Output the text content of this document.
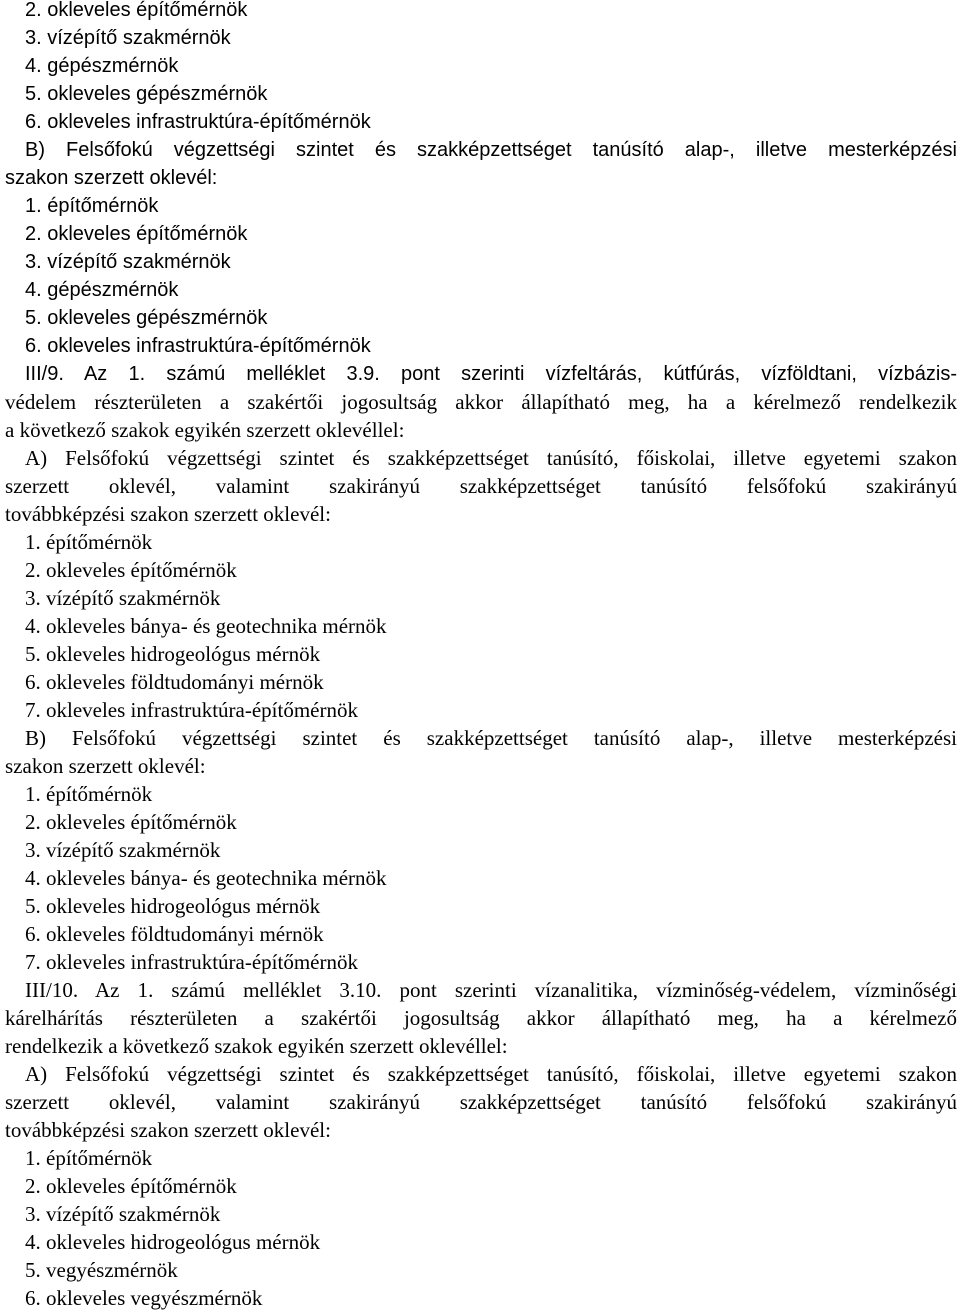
2. okleveles építőmérnök
3. vízépítő szakmérnök
4. gépészmérnök
5. okleveles gépészmérnök
6. okleveles infrastruktúra-építőmérnök
B) Felsőfokú végzettségi szintet és szakképzettséget tanúsító alap-, illetve mesterképzési
szakon szerzett oklevél:
1. építőmérnök
2. okleveles építőmérnök
3. vízépítő szakmérnök
4. gépészmérnök
5. okleveles gépészmérnök
6. okleveles infrastruktúra-építőmérnök
III/9. Az 1. számú melléklet 3.9. pont szerinti vízfeltárás, kútfúrás, vízföldtani, vízbázis-
védelem részterületen a szakértői jogosultság akkor állapítható meg, ha a kérelmező rendelkezik
a következő szakok egyikén szerzett oklevéllel:
A) Felsőfokú végzettségi szintet és szakképzettséget tanúsító, főiskolai, illetve egyetemi szakon
szerzett oklevél, valamint szakirányú szakképzettséget tanúsító felsőfokú szakirányú
továbbképzési szakon szerzett oklevél:
1. építőmérnök
2. okleveles építőmérnök
3. vízépítő szakmérnök
4. okleveles bánya- és geotechnika mérnök
5. okleveles hidrogeológus mérnök
6. okleveles földtudományi mérnök
7. okleveles infrastruktúra-építőmérnök
B) Felsőfokú végzettségi szintet és szakképzettséget tanúsító alap-, illetve mesterképzési
szakon szerzett oklevél:
1. építőmérnök
2. okleveles építőmérnök
3. vízépítő szakmérnök
4. okleveles bánya- és geotechnika mérnök
5. okleveles hidrogeológus mérnök
6. okleveles földtudományi mérnök
7. okleveles infrastruktúra-építőmérnök
III/10. Az 1. számú melléklet 3.10. pont szerinti vízanalitika, vízminőség-védelem, vízminőségi
kárelhárítás részterületen a szakértői jogosultság akkor állapítható meg, ha a kérelmező
rendelkezik a következő szakok egyikén szerzett oklevéllel:
A) Felsőfokú végzettségi szintet és szakképzettséget tanúsító, főiskolai, illetve egyetemi szakon
szerzett oklevél, valamint szakirányú szakképzettséget tanúsító felsőfokú szakirányú
továbbképzési szakon szerzett oklevél:
1. építőmérnök
2. okleveles építőmérnök
3. vízépítő szakmérnök
4. okleveles hidrogeológus mérnök
5. vegyészmérnök
6. okleveles vegyészmérnök
